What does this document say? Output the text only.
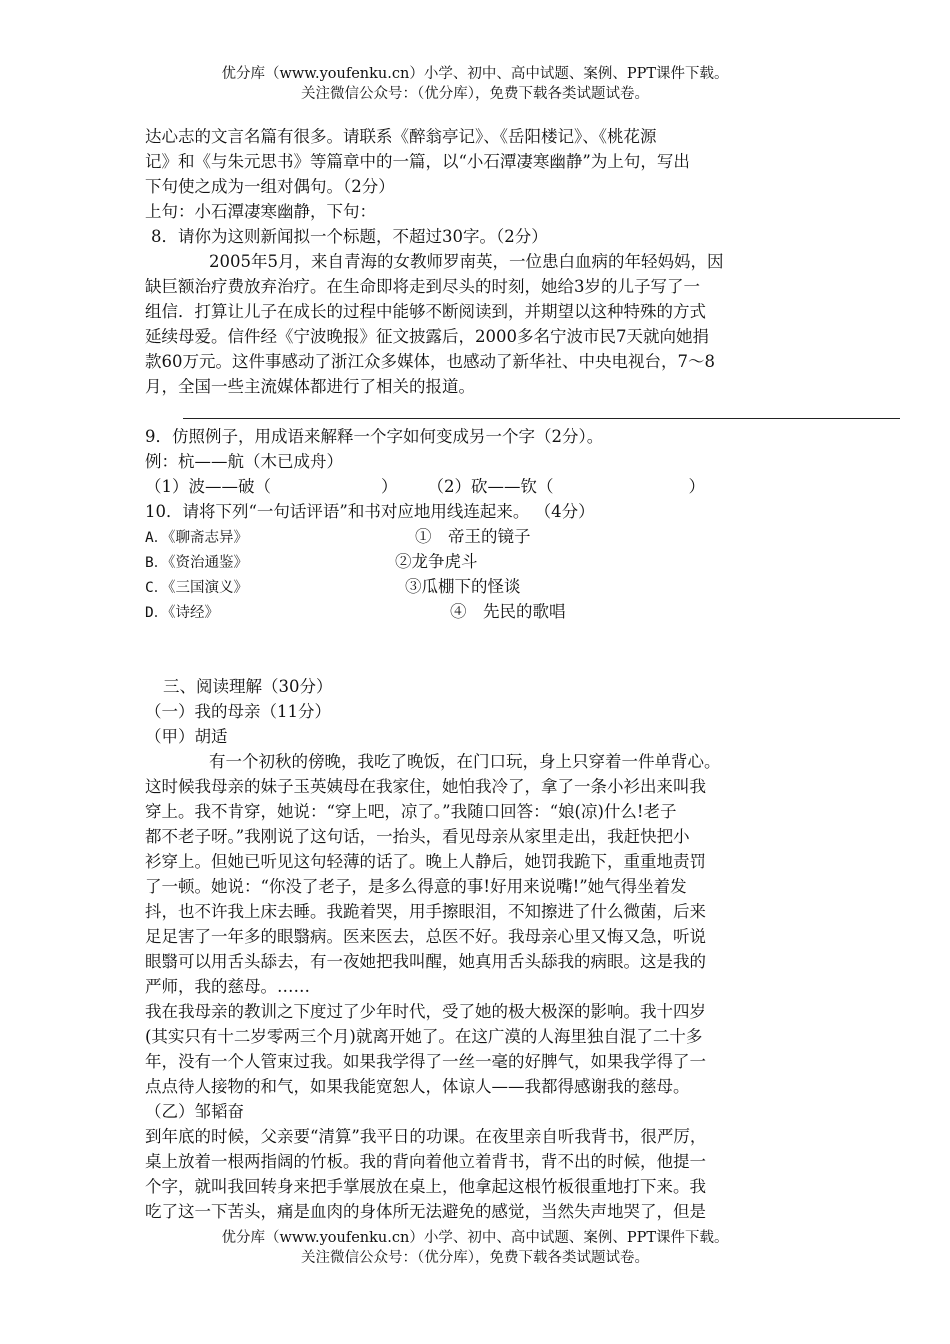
优分库（www.youfenku.cn）小学、初中、高中试题、案例、PPT课件下载。
关注微信公众号：（优分库），免费下载各类试题试卷。
达心志的文言名篇有很多。请联系《醉翁亭记》、《岳阳楼记》、《桃花源
记》和《与朱元思书》等篇章中的一篇，以“小石潭凄寒幽静”为上句，写出
下句使之成为一组对偶句。（2分）
上句：小石潭凄寒幽静，下句：
8．请你为这则新闻拟一个标题，不超过30字。（2分）
2005年5月，来自青海的女教师罗南英，一位患白血病的年轻妈妈，因
缺巨额治疗费放弃治疗。在生命即将走到尽头的时刻，她给3岁的儿子写了一
组信．打算让儿子在成长的过程中能够不断阅读到，并期望以这种特殊的方式
延续母爱。信件经《宁波晚报》征文披露后，2000多名宁波市民7天就向她捐
款60万元。这件事感动了浙江众多媒体，也感动了新华社、中央电视台，7～8
月，全国一些主流媒体都进行了相关的报道。
9．仿照例子，用成语来解释一个字如何变成另一个字（2分）。
例：杭——航（木已成舟）
（1）波——破（	） （2）砍——钦（	）
10．请将下列“一句话评语”和书对应地用线连起来。 （4分）
A．《聊斋志异》	①　帝王的镜子
B．《资治通鉴》	②龙争虎斗
C．《三国演义》	③瓜棚下的怪谈
D．《诗经》	④　先民的歌唱
三、阅读理解（30分）
（一）我的母亲（11分）
（甲）胡适
有一个初秋的傍晚，我吃了晚饭，在门口玩，身上只穿着一件单背心。
这时候我母亲的妹子玉英姨母在我家住，她怕我冷了，拿了一条小衫出来叫我
穿上。我不肯穿，她说：“穿上吧，凉了。”我随口回答：“娘(凉)什么!老子
都不老子呀。”我刚说了这句话，一抬头，看见母亲从家里走出，我赶快把小
衫穿上。但她已听见这句轻薄的话了。晚上人静后，她罚我跪下，重重地责罚
了一顿。她说：“你没了老子，是多么得意的事!好用来说嘴!”她气得坐着发
抖，也不许我上床去睡。我跪着哭，用手擦眼泪，不知擦进了什么微菌，后来
足足害了一年多的眼翳病。医来医去，总医不好。我母亲心里又悔又急，听说
眼翳可以用舌头舔去，有一夜她把我叫醒，她真用舌头舔我的病眼。这是我的
严师，我的慈母。……
我在我母亲的教训之下度过了少年时代，受了她的极大极深的影响。我十四岁
(其实只有十二岁零两三个月)就离开她了。在这广漠的人海里独自混了二十多
年，没有一个人管束过我。如果我学得了一丝一毫的好脾气，如果我学得了一
点点待人接物的和气，如果我能宽恕人，体谅人——我都得感谢我的慈母。
（乙）邹韬奋
到年底的时候，父亲要“清算”我平日的功课。在夜里亲自听我背书，很严厉，
桌上放着一根两指阔的竹板。我的背向着他立着背书，背不出的时候，他提一
个字，就叫我回转身来把手掌展放在桌上，他拿起这根竹板很重地打下来。我
吃了这一下苦头，痛是血肉的身体所无法避免的感觉，当然失声地哭了，但是
优分库（www.youfenku.cn）小学、初中、高中试题、案例、PPT课件下载。
关注微信公众号：（优分库），免费下载各类试题试卷。
